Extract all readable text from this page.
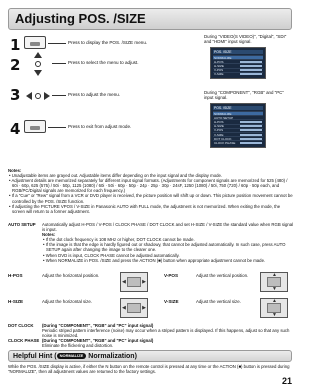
Adjusting POS. /SIZE
1	Press to display the POS. /SIZE menu.
2	Press to select the menu to adjust.
3	Press to adjust the menu.
4	Press to exit from adjust mode.
During "VIDEO(S VIDEO)", "Digital", "SDI" and "HDMI" input signal.
POS. /SIZE
NORMALIZE
H-POS
H-SIZE
V-POS
V-SIZE
During "COMPONENT", "RGB" and "PC" input signal.
POS. /SIZE
NORMALIZE
AUTO SETUP
H-POS
H-SIZE
V-POS
V-SIZE
DOT CLOCK
CLOCK PHASE
Notes:
• Unadjustable items are grayed out. Adjustable items differ depending on the input signal and the display mode.
• Adjustment details are memorized separately for different input signal formats. (Adjustments for component signals are memorized for 525 (480) / 60i · 60p, 625 (575) / 50i · 50p, 1125 (1080) / 60i · 50i · 60p · 50p · 24p · 25p · 30p · 24sF, 1250 (1080) / 50i, 750 (720) / 60p · 50p each, and RGB/PC/Digital signals are memorized for each frequency.)
• If a "Cue" or "Rew" signal from a VCR or DVD player is received, the picture position will shift up or down. This picture position movement cannot be controlled by the POS. /SIZE function.
• If adjusting the PICTURE VPOS / V-SIZE in Panasonic AUTO with FULL mode, the adjustment is not memorized. When exiting the mode, the screen will return to a former adjustment.
AUTO SETUP Automatically adjust H-POS / V-POS / CLOCK PHASE / DOT CLOCK and set H-SIZE / V-SIZE the standard value when RGB signal is input.
Notes:
• If the dot clock frequency is 108 MHz or higher, DOT CLOCK cannot be made.
• If the image is that the edge is hardly figured out or shadowy, that cannot be adjusted automatically. In such case, press AUTO SETUP again after changing the image to the clearer one.
• When DVD is input, CLOCK PHASE cannot be adjusted automatically.
• When NORMALIZE in POS. /SIZE and press the ACTION (■) button when appropriate adjustment cannot be made.
H-POS	Adjust the horizontal position.
◀	▶
V-POS	Adjust the vertical position.	▲
▼
H-SIZE	Adjust the horizontal size.
◀	▶
V-SIZE	Adjust the vertical size.	▲
▼
DOT CLOCK (During "COMPONENT", "RGB" and "PC" input signal)
Periodic striped pattern interference (noise) may occur when a striped pattern is displayed. If this happens, adjust so that any such noise is minimized.
CLOCK PHASE (During "COMPONENT", "RGB" and "PC" input signal)
Eliminate the flickering and distortion.
Helpful Hint ( NORMALIZE Normalization)
While the POS. /SIZE display is active, if either the N button on the remote control is pressed at any time or the ACTION (■) button is pressed during "NORMALIZE", then all adjustment values are returned to the factory settings.
21
